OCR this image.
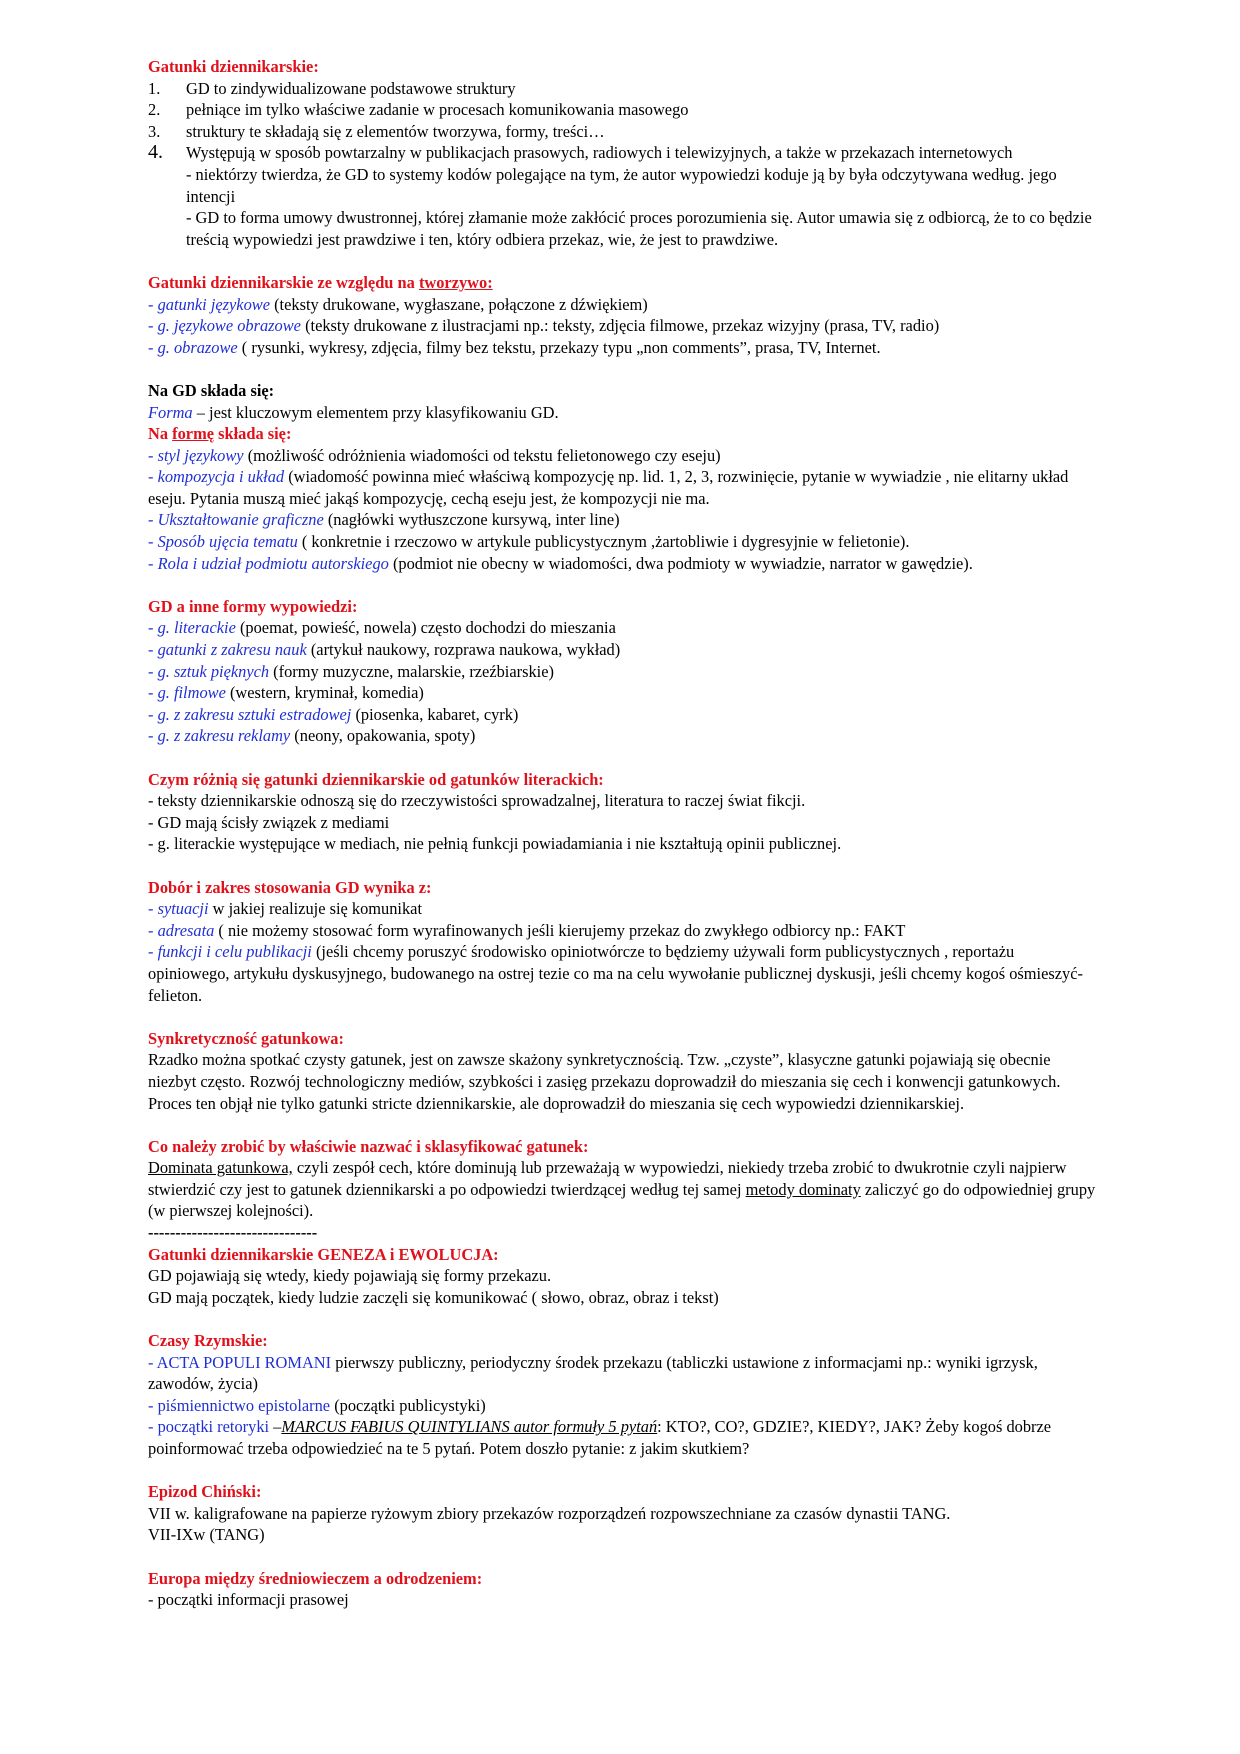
Gatunki dziennikarskie:
1.	GD to zindywidualizowane podstawowe struktury
2.	pełniące im tylko właściwe zadanie w procesach komunikowania masowego
3.	struktury te składają się z elementów tworzywa, formy, treści…
4.	Występują w sposób powtarzalny w publikacjach prasowych, radiowych i telewizyjnych, a także w przekazach internetowych
- niektórzy twierdza, że GD to systemy kodów polegające na tym, że autor wypowiedzi koduje ją by była odczytywana według. jego intencji
- GD to forma umowy dwustronnej, której złamanie może zakłócić proces porozumienia się. Autor umawia się z odbiorcą, że to co będzie treścią wypowiedzi jest prawdziwe i ten, który odbiera przekaz, wie, że jest to prawdziwe.
Gatunki dziennikarskie ze względu na tworzywo:
- gatunki językowe (teksty drukowane, wygłaszane, połączone z dźwiękiem)
- g. językowe obrazowe (teksty drukowane z ilustracjami np.: teksty, zdjęcia filmowe, przekaz wizyjny (prasa, TV, radio)
- g. obrazowe ( rysunki, wykresy, zdjęcia, filmy bez tekstu, przekazy typu „non comments”, prasa, TV, Internet.
Na GD składa się:
Forma – jest kluczowym elementem przy klasyfikowaniu GD.
Na formę składa się:
- styl językowy (możliwość odróżnienia wiadomości od tekstu felietonowego czy eseju)
- kompozycja i układ (wiadomość powinna mieć właściwą kompozycję np. lid. 1, 2, 3, rozwinięcie, pytanie w wywiadzie , nie elitarny układ eseju. Pytania muszą mieć jakąś kompozycję, cechą eseju jest, że kompozycji nie ma.
- Ukształtowanie graficzne (nagłówki wytłuszczone kursywą, inter line)
- Sposób ujęcia tematu ( konkretnie i rzeczowo w artykule publicystycznym ,żartobliwie i dygresyjnie w felietonie).
- Rola i udział podmiotu autorskiego (podmiot nie obecny w wiadomości, dwa podmioty w wywiadzie, narrator w gawędzie).
GD a inne formy wypowiedzi:
- g. literackie (poemat, powieść, nowela) często dochodzi do mieszania
- gatunki z zakresu nauk (artykuł naukowy, rozprawa naukowa, wykład)
- g. sztuk pięknych (formy muzyczne, malarskie, rzeźbiarskie)
- g. filmowe (western, kryminał, komedia)
- g. z zakresu sztuki estradowej (piosenka, kabaret, cyrk)
- g. z zakresu reklamy (neony, opakowania, spoty)
Czym różnią się gatunki dziennikarskie od gatunków literackich:
- teksty dziennikarskie odnoszą się do rzeczywistości sprowadzalnej, literatura to raczej świat fikcji.
- GD mają ścisły związek z mediami
- g. literackie występujące w mediach, nie pełnią funkcji powiadamiania i nie kształtują opinii publicznej.
Dobór i zakres stosowania GD wynika z:
- sytuacji w jakiej realizuje się komunikat
- adresata ( nie możemy stosować form wyrafinowanych jeśli kierujemy przekaz do zwykłego odbiorcy np.: FAKT
- funkcji i celu publikacji (jeśli chcemy poruszyć środowisko opiniotwórcze to będziemy używali form publicystycznych , reportażu opiniowego, artykułu dyskusyjnego, budowanego na ostrej tezie co ma na celu wywołanie publicznej dyskusji, jeśli chcemy kogoś ośmieszyć- felieton.
Synkretyczność gatunkowa:
Rzadko można spotkać czysty gatunek, jest on zawsze skażony synkretycznością. Tzw. „czyste”, klasyczne gatunki pojawiają się obecnie niezbyt często. Rozwój technologiczny mediów, szybkości i zasięg przekazu doprowadził do mieszania się cech i konwencji gatunkowych. Proces ten objął nie tylko gatunki stricte dziennikarskie, ale doprowadził do mieszania się cech wypowiedzi dziennikarskiej.
Co należy zrobić by właściwie nazwać i sklasyfikować gatunek:
Dominata gatunkowa, czyli zespół cech, które dominują lub przeważają w wypowiedzi, niekiedy trzeba zrobić to dwukrotnie czyli najpierw stwierdzić czy jest to gatunek dziennikarski a po odpowiedzi twierdzącej według tej samej metody dominaty zaliczyć go do odpowiedniej grupy (w pierwszej kolejności).
-------------------------------
Gatunki dziennikarskie GENEZA i EWOLUCJA:
GD pojawiają się wtedy, kiedy pojawiają się formy przekazu.
GD mają początek, kiedy ludzie zaczęli się komunikować ( słowo, obraz, obraz i tekst)
Czasy Rzymskie:
- ACTA POPULI ROMANI pierwszy publiczny, periodyczny środek przekazu (tabliczki ustawione z informacjami np.: wyniki igrzysk, zawodów, życia)
- piśmiennictwo epistolarne (początki publicystyki)
- początki retoryki –MARCUS FABIUS QUINTYLIANS autor formuły 5 pytań: KTO?, CO?, GDZIE?, KIEDY?, JAK? Żeby kogoś dobrze poinformować trzeba odpowiedzieć na te 5 pytań. Potem doszło pytanie: z jakim skutkiem?
Epizod Chiński:
VII w. kaligrafowane na papierze ryżowym zbiory przekazów rozporządzeń rozpowszechniane za czasów dynastii TANG.
VII-IXw (TANG)
Europa między średniowieczem a odrodzeniem:
- początki informacji prasowej
